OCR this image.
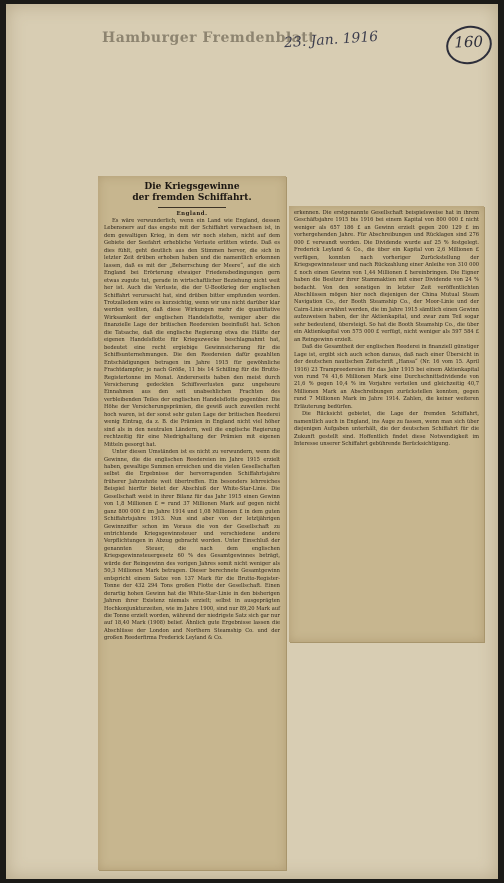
Hamburger Fremdenblatt
23. Jan. 1916	160
Die Kriegsgewinne
der fremden Schiffahrt.
England.

Es wäre verwunderlich, wenn ein Land wie England, dessen Lebensnerv auf das engste mit der Schiffahrt verwachsen ist, in dem gewaltigen Krieg, in dem wir noch stehen, nicht auf dem Gebiete der Seefahrt erhebliche Verluste erlitten würde. Daß es dies fühlt, geht deutlich aus den Stimmen hervor, die sich in letzter Zeit drüben erhoben haben und die namentlich erkennen lassen, daß es mit der „Beherrschung der Meere“, auf die sich England bei Erörterung etwaiger Friedensbedingungen gern etwas zugute tut, gerade in wirtschaftlicher Beziehung nicht weit her ist. Auch die Verluste, die der U-Bootkrieg der englischen Schiffahrt verursacht hat, sind drüben bitter empfunden worden. Trotzalledem wäre es kurzsichtig, wenn wir uns nicht darüber klar werden wollten, daß diese Wirkungen mehr die quantitative Wirksamkeit der englischen Handelsflotte, weniger aber die finanzielle Lage der britischen Reedereien beeinflußt hat. Schon die Tatsache, daß die englische Regierung etwa die Hälfte der eigenen Handelsflotte für Kriegszwecke beschlagnahmt hat, bedeutet eine recht ergiebige Gewinnsicherung für die Schiffsunternehmungen. Die den Reedereien dafür gezahlten Entschädigungen betragen im Jahre 1915 für gewöhnliche Frachtdampfer, je nach Größe, 11 bis 14 Schilling für die Brutto-Registertonne im Monat. Andererseits haben den meist durch Versicherung gedeckten Schiffsverlusten ganz ungeheure Einnahmen aus den seit unabsehlichen Frachten des verbleibenden Teiles der englischen Handelsflotte gegenüber. Die Höhe der Versicherungsprämien, die gewiß auch zuweilen recht hoch waren, ist der sonst sehr guten Lage der britischen Reederei wenig Eintrag, da z. B. die Prämien in England nicht viel höher sind als in den neutralen Ländern, weil die englische Regierung rechtzeitig für eine Niedrighaltung der Prämien mit eigenen Mitteln gesorgt hat.

Unter diesen Umständen ist es nicht zu verwundern, wenn die Gewinne, die die englischen Reedereien im Jahre 1915 erzielt haben, gewaltige Summen erreichen und die vielen Gesellschaften selbst die Ergebnisse der hervorragenden Schiffahrtsjahre früherer Jahrzehnte weit übertreffen. Ein besonders lehrreiches Beispiel hierfür bietet der Abschluß der White-Star-Linie. Die Gesellschaft weist in ihrer Bilanz für das Jahr 1915 einen Gewinn von 1,8 Millionen £ = rund 37 Millionen Mark auf gegen nicht ganz 800 000 £ im Jahre 1914 und 1,08 Millionen £ in dem guten Schiffahrtsjahre 1913. Nun sind aber von der letztjährigen Gewinnziffer schon im Voraus die von der Gesellschaft zu entrichtende Kriegsgewinnsteuer und verschiedene andere Verpflichtungen in Abzug gebracht worden. Unter Einschluß der genannten Steuer, die nach dem englischen Kriegsgewinnsteuergesetz 60 % des Gesamtgewinnes beträgt, würde der Reingewinn des vorigen Jahres somit nicht weniger als 50,3 Millionen Mark betragen. Dieser berechnete Gesamtgewinn entspricht einem Satze von 137 Mark für die Brutto-Register-Tonne der 432 294 Tons großen Flotte der Gesellschaft. Einen derartig hohen Gewinn hat die White-Star-Linie in den bisherigen Jahren ihrer Existenz niemals erzielt; selbst in ausgeprägten Hochkonjunkturzeiten, wie im Jahre 1900, sind nur 89,20 Mark auf die Tonne erzielt worden, während der niedrigste Satz sich gar nur auf 18,40 Mark (1908) belief. Ähnlich gute Ergebnisse lassen die Abschlüsse der London and Northern Steamship Co. und der großen Reederfirma Frederick Leyland & Co.

erkennen. Die erstgenannte Gesellschaft beispielsweise hat in ihrem Geschäftsjahre 1915 bis 1916 bei einem Kapital von 800 000 £ nicht weniger als 657 186 £ an Gewinn erzielt gegen 200 129 £ im vorhergehenden Jahre. Für Abschreibungen und Rücklagen sind 276 000 £ verwandt worden. Die Dividende wurde auf 25 % festgelegt. Frederick Leyland & Co., die über ein Kapital von 2,6 Millionen £ verfügen, konnten nach vorheriger Zurückstellung der Kriegsgewinnsteuer und nach Rückzahlung einer Anleihe von 310 000 £ noch einen Gewinn von 1,44 Millionen £ hereinbringen. Die Eigner haben die Besitzer ihrer Stammaktien mit einer Dividende von 24 % bedacht. Von den sonstigen in letzter Zeit veröffentlichten Abschlüssen mögen hier noch diejenigen der China Mutual Steam Navigation Co., der Booth Steamship Co., der Moor-Linie und der Cairn-Linie erwähnt werden, die im Jahre 1915 sämtlich einen Gewinn aufzuweisen haben, der ihr Aktienkapital, und zwar zum Teil sogar sehr bedeutend, übersteigt. So hat die Booth Steamship Co., die über ein Aktienkapital von 575 000 £ verfügt, nicht weniger als 597 584 £ an Reingewinn erzielt.

Daß die Gesamtheit der englischen Reederei in finanziell günstiger Lage ist, ergibt sich auch schon daraus, daß nach einer Übersicht in der deutschen nautischen Zeitschrift „Hansa“ (Nr. 16 vom 15. April 1916) 23 Trampreedereien für das Jahr 1915 bei einem Aktienkapital von rund 74 41,6 Millionen Mark eine Durchschnittsdividende von 21,6 % gegen 10,4 % im Vorjahre verteilen und gleichzeitig 40,7 Millionen Mark an Abschreibungen zurückstellen konnten, gegen rund 7 Millionen Mark im Jahre 1914. Zahlen, die keiner weiteren Erläuterung bedürfen.

Die Rücksicht gebietet, die Lage der fremden Schiffahrt, namentlich auch in England, ins Auge zu fassen, wenn man sich über diejenigen Aufgaben unterhält, die der deutschen Schiffahrt für die Zukunft gestellt sind. Hoffentlich findet diese Notwendigkeit im Interesse unserer Schiffahrt gebührende Berücksichtigung.
